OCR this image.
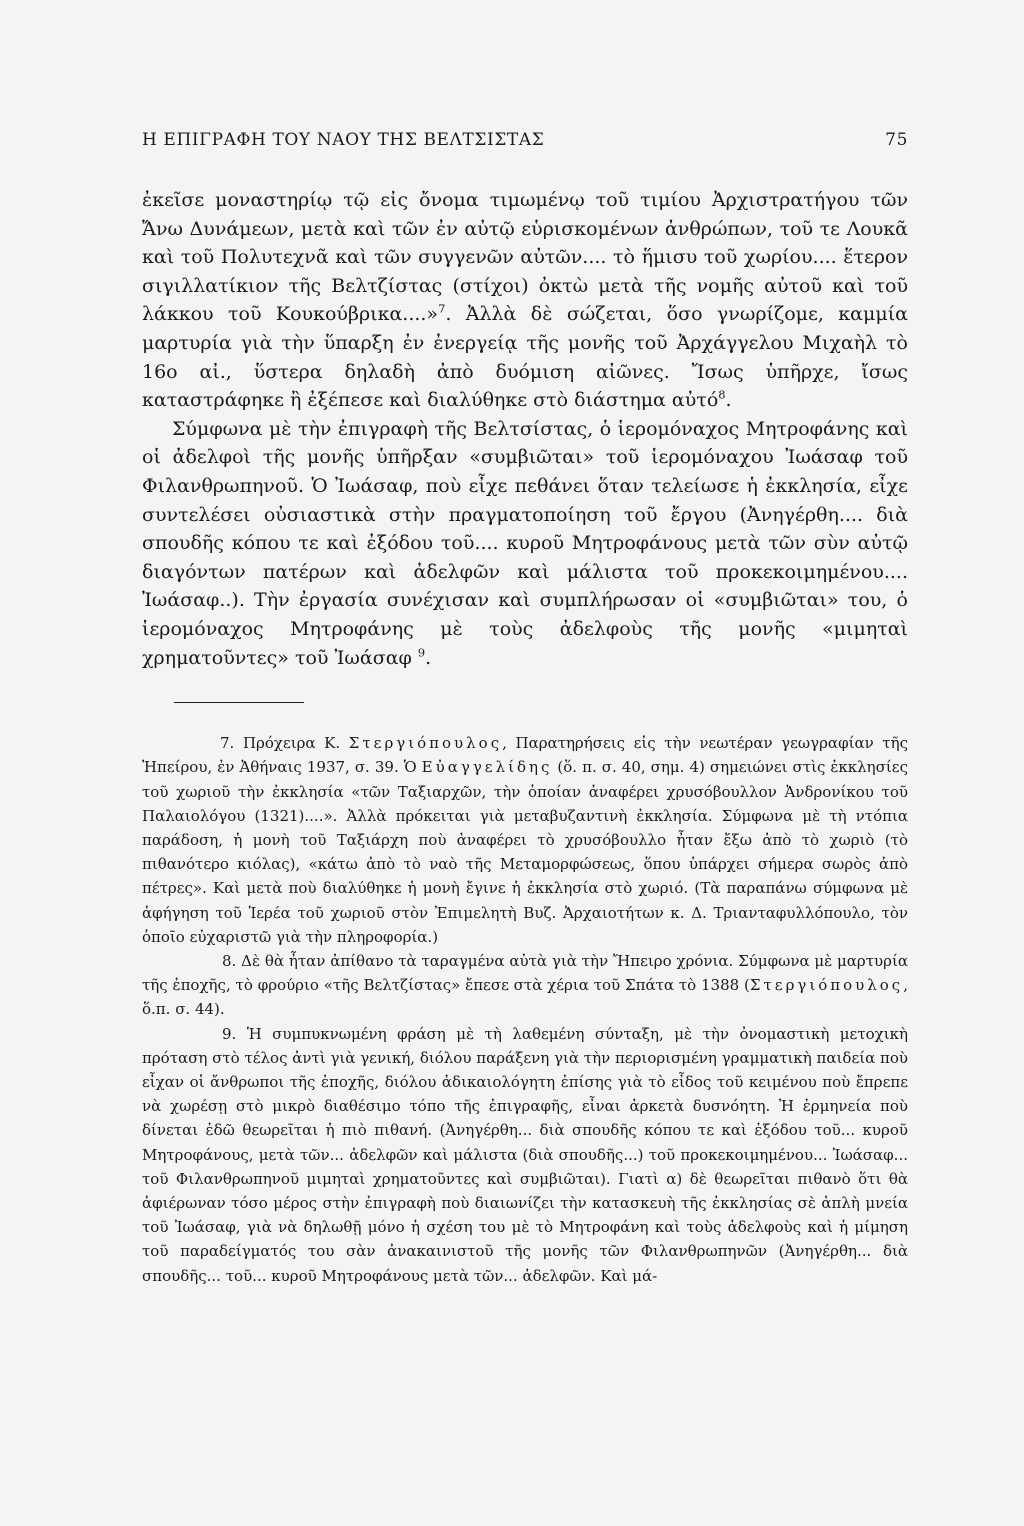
Η ΕΠΙΓΡΑΦΗ ΤΟΥ ΝΑΟΥ ΤΗΣ ΒΕΛΤΣΙΣΤΑΣ	75

ἐκεῖσε μοναστηρίῳ τῷ εἰς ὄνομα τιμωμένῳ τοῦ τιμίου Ἀρχιστρατήγου τῶν Ἄνω Δυνάμεων, μετὰ καὶ τῶν ἐν αὐτῷ εὑρισκομένων ἀνθρώπων, τοῦ τε Λουκᾶ καὶ τοῦ Πολυτεχνᾶ καὶ τῶν συγγενῶν αὐτῶν.... τὸ ἥμισυ τοῦ χωρίου.... ἕτερον σιγιλλατίκιον τῆς Βελτζίστας (στίχοι) ὀκτὼ μετὰ τῆς νομῆς αὐτοῦ καὶ τοῦ λάκκου τοῦ Κουκούβρικα....»$^7$. Ἀλλὰ δὲ σώζεται, ὅσο γνωρίζομε, καμμία μαρτυρία γιὰ τὴν ὕπαρξη ἐν ἐνεργείᾳ τῆς μονῆς τοῦ Ἀρχάγγελου Μιχαὴλ τὸ 16ο αἰ., ὕστερα δηλαδὴ ἀπὸ δυόμιση αἰῶνες. Ἴσως ὑπῆρχε, ἴσως καταστράφηκε ἢ ἐξέπεσε καὶ διαλύθηκε στὸ διάστημα αὐτό$^8$.

Σύμφωνα μὲ τὴν ἐπιγραφὴ τῆς Βελτσίστας, ὁ ἱερομόναχος Μητροφάνης καὶ οἱ ἀδελφοὶ τῆς μονῆς ὑπῆρξαν «συμβιῶται» τοῦ ἱερομόναχου Ἰωάσαφ τοῦ Φιλανθρωπηνοῦ. Ὁ Ἰωάσαφ, ποὺ εἶχε πεθάνει ὅταν τελείωσε ἡ ἐκκλησία, εἶχε συντελέσει οὐσιαστικὰ στὴν πραγματοποίηση τοῦ ἔργου (Ἀνηγέρθη.... διὰ σπουδῆς κόπου τε καὶ ἐξόδου τοῦ.... κυροῦ Μητροφάνους μετὰ τῶν σὺν αὐτῷ διαγόντων πατέρων καὶ ἀδελφῶν καὶ μάλιστα τοῦ προκεκοιμημένου.... Ἰωάσαφ..). Τὴν ἐργασία συνέχισαν καὶ συμπλήρωσαν οἱ «συμβιῶται» του, ὁ ἱερομόναχος Μητροφάνης μὲ τοὺς ἀδελφοὺς τῆς μονῆς «μιμηταὶ χρηματοῦντες» τοῦ Ἰωάσαφ $^9$.

7. Πρόχειρα Κ. Στεργιόπουλος, Παρατηρήσεις εἰς τὴν νεωτέραν γεωγραφίαν τῆς Ἠπείρου, ἐν Ἀθήναις 1937, σ. 39. Ὁ Εὐαγγελίδης (ὅ. π. σ. 40, σημ. 4) σημειώνει στὶς ἐκκλησίες τοῦ χωριοῦ τὴν ἐκκλησία «τῶν Ταξιαρχῶν, τὴν ὁποίαν ἀναφέρει χρυσόβουλλον Ἀνδρονίκου τοῦ Παλαιολόγου (1321)....». Ἀλλὰ πρόκειται γιὰ μεταβυζαντινὴ ἐκκλησία. Σύμφωνα μὲ τὴ ντόπια παράδοση, ἡ μονὴ τοῦ Ταξιάρχη ποὺ ἀναφέρει τὸ χρυσόβουλλο ἦταν ἔξω ἀπὸ τὸ χωριὸ (τὸ πιθανότερο κιόλας), «κάτω ἀπὸ τὸ ναὸ τῆς Μεταμορφώσεως, ὅπου ὑπάρχει σήμερα σωρὸς ἀπὸ πέτρες». Καὶ μετὰ ποὺ διαλύθηκε ἡ μονὴ ἔγινε ἡ ἐκκλησία στὸ χωριό. (Τὰ παραπάνω σύμφωνα μὲ ἀφήγηση τοῦ Ἱερέα τοῦ χωριοῦ στὸν Ἐπιμελητὴ Βυζ. Ἀρχαιοτήτων κ. Δ. Τριανταφυλλόπουλο, τὸν ὁποῖο εὐχαριστῶ γιὰ τὴν πληροφορία.)

8. Δὲ θὰ ἦταν ἀπίθανο τὰ ταραγμένα αὐτὰ γιὰ τὴν Ἤπειρο χρόνια. Σύμφωνα μὲ μαρτυρία τῆς ἐποχῆς, τὸ φρούριο «τῆς Βελτζίστας» ἔπεσε στὰ χέρια τοῦ Σπάτα τὸ 1388 (Στεργιόπουλος, ὅ.π. σ. 44).

9. Ἡ συμπυκνωμένη φράση μὲ τὴ λαθεμένη σύνταξη, μὲ τὴν ὀνομαστικὴ μετοχικὴ πρόταση στὸ τέλος ἀντὶ γιὰ γενική, διόλου παράξενη γιὰ τὴν περιορισμένη γραμματικὴ παιδεία ποὺ εἶχαν οἱ ἄνθρωποι τῆς ἐποχῆς, διόλου ἀδικαιολόγητη ἐπίσης γιὰ τὸ εἶδος τοῦ κειμένου ποὺ ἔπρεπε νὰ χωρέσῃ στὸ μικρὸ διαθέσιμο τόπο τῆς ἐπιγραφῆς, εἶναι ἀρκετὰ δυσνόητη. Ἡ ἑρμηνεία ποὺ δίνεται ἐδῶ θεωρεῖται ἡ πιὸ πιθανή. (Ἀνηγέρθη... διὰ σπουδῆς κόπου τε καὶ ἐξόδου τοῦ... κυροῦ Μητροφάνους, μετὰ τῶν... ἀδελφῶν καὶ μάλιστα (διὰ σπουδῆς...) τοῦ προκεκοιμημένου... Ἰωάσαφ... τοῦ Φιλανθρωπηνοῦ μιμηταὶ χρηματοῦντες καὶ συμβιῶται). Γιατὶ α) δὲ θεωρεῖται πιθανὸ ὅτι θὰ ἀφιέρωναν τόσο μέρος στὴν ἐπιγραφὴ ποὺ διαιωνίζει τὴν κατασκευὴ τῆς ἐκκλησίας σὲ ἁπλὴ μνεία τοῦ Ἰωάσαφ, γιὰ νὰ δηλωθῇ μόνο ἡ σχέση του μὲ τὸ Μητροφάνη καὶ τοὺς ἀδελφοὺς καὶ ἡ μίμηση τοῦ παραδείγματός του σὰν ἀνακαινιστοῦ τῆς μονῆς τῶν Φιλανθρωπηνῶν (Ἀνηγέρθη... διὰ σπουδῆς... τοῦ... κυροῦ Μητροφάνους μετὰ τῶν... ἀδελφῶν. Καὶ μά-
